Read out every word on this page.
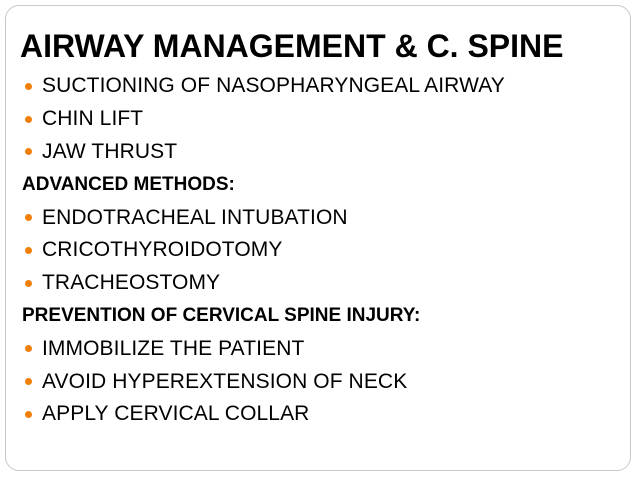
AIRWAY MANAGEMENT & C. SPINE
SUCTIONING OF NASOPHARYNGEAL AIRWAY
CHIN LIFT
JAW THRUST
ADVANCED METHODS:
ENDOTRACHEAL INTUBATION
CRICOTHYROIDOTOMY
TRACHEOSTOMY
PREVENTION OF CERVICAL SPINE INJURY:
IMMOBILIZE THE PATIENT
AVOID HYPEREXTENSION OF NECK
APPLY CERVICAL COLLAR
